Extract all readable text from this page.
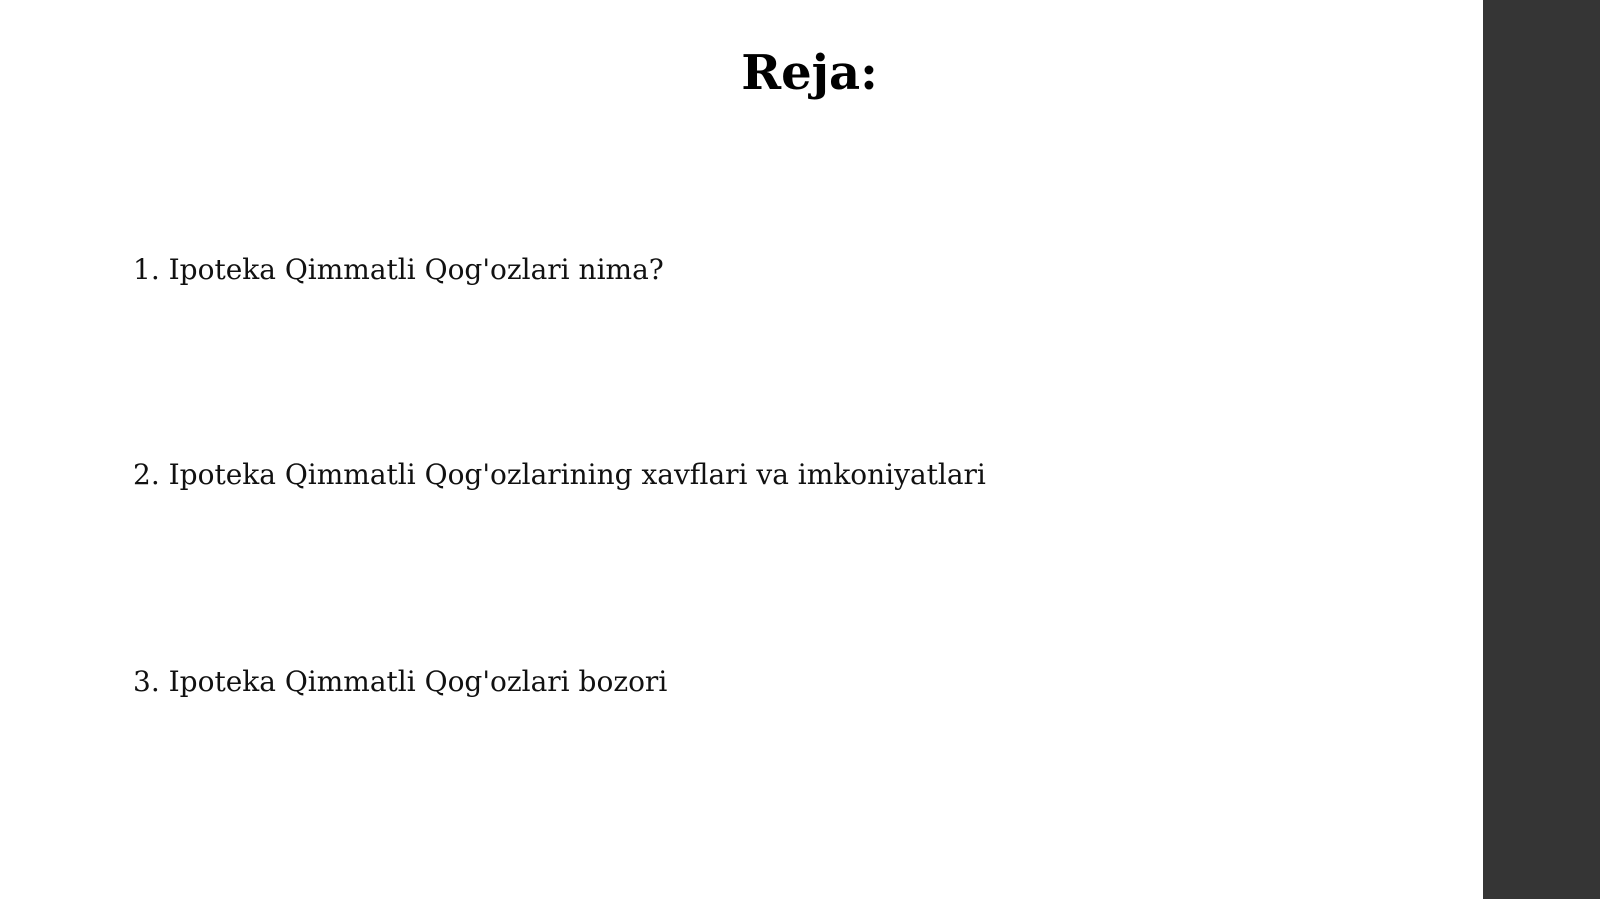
Reja:
1. Ipoteka Qimmatli Qog'ozlari nima?
2. Ipoteka Qimmatli Qog'ozlarining xavflari va imkoniyatlari
3. Ipoteka Qimmatli Qog'ozlari bozori
